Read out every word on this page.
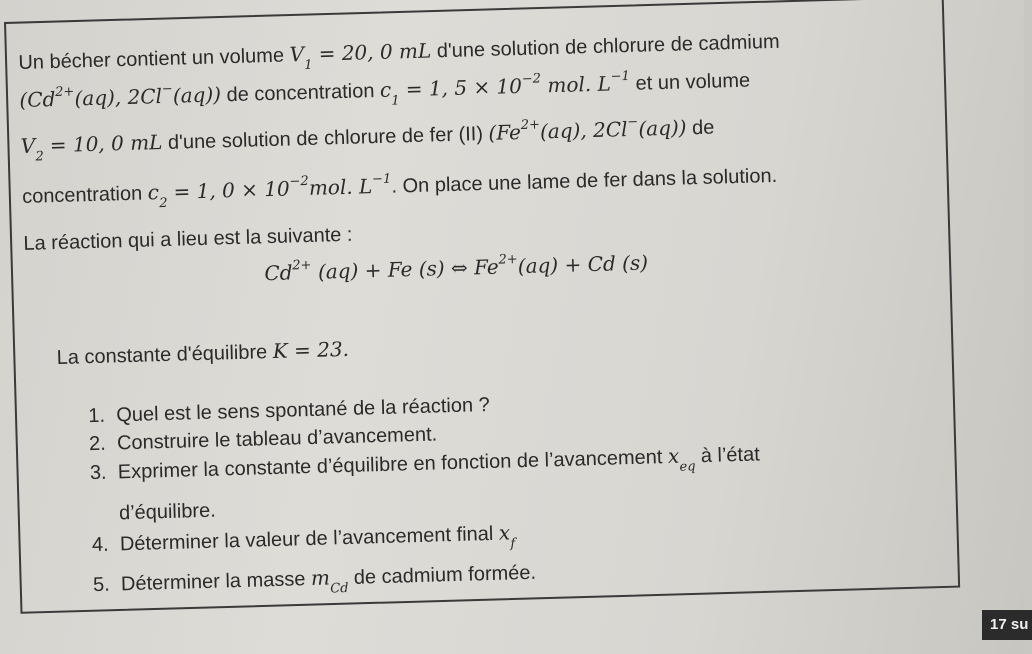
Un bécher contient un volume $V_1 = 20$, 0 mL d'une solution de chlorure de cadmium
($Cd^{2+}(aq)$, 2Cl−(aq)) de concentration $c_1 = 1$, $5 \times 10^{-2}$ mol. $L^{-1}$ et un volume
$V_2 = 10$, 0 mL d'une solution de chlorure de fer (II) ($Fe^{2+}(aq)$, 2Cl−(aq)) de
concentration $c_2 = 1$, $0 \times 10^{-2}mol$. $L^{-1}$. On place une lame de fer dans la solution.
La réaction qui a lieu est la suivante :
$Cd^{2+}$ (aq) + Fe (s) ⇔ $Fe^{2+}(aq) + Cd$ (s)
La constante d'équilibre K = 23.
1. Quel est le sens spontané de la réaction ?
2. Construire le tableau d’avancement.
3. Exprimer la constante d’équilibre en fonction de l’avancement $x_{eq}$ à l’état
d’équilibre.
4. Déterminer la valeur de l’avancement final $x_f$
5. Déterminer la masse $m_{Cd}$ de cadmium formée.
17 su
